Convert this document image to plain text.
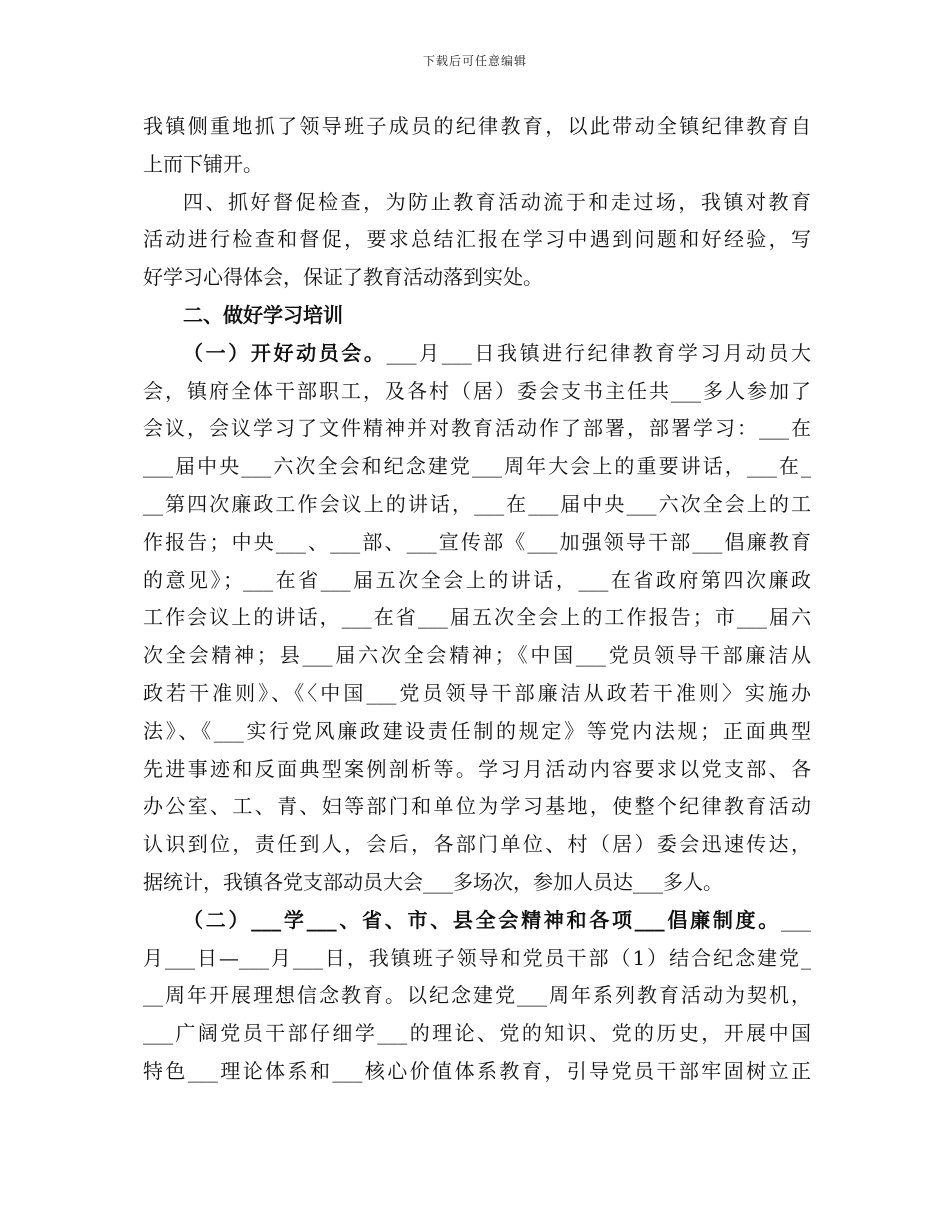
下载后可任意编辑
我镇侧重地抓了领导班子成员的纪律教育，以此带动全镇纪律教育自
上而下铺开。
四、抓好督促检查，为防止教育活动流于和走过场，我镇对教育
活动进行检查和督促，要求总结汇报在学习中遇到问题和好经验，写
好学习心得体会，保证了教育活动落到实处。
二、做好学习培训
（一）开好动员会。___月___日我镇进行纪律教育学习月动员大
会，镇府全体干部职工，及各村（居）委会支书主任共___多人参加了
会议，会议学习了文件精神并对教育活动作了部署，部署学习：___在
___届中央___六次全会和纪念建党___周年大会上的重要讲话，___在_
__第四次廉政工作会议上的讲话，___在___届中央___六次全会上的工
作报告；中央___、___部、___宣传部《___加强领导干部___倡廉教育
的意见》；___在省___届五次全会上的讲话，___在省政府第四次廉政
工作会议上的讲话，___在省___届五次全会上的工作报告；市___届六
次全会精神；县___届六次全会精神；《中国___党员领导干部廉洁从
政若干准则》、《〈中国___党员领导干部廉洁从政若干准则〉实施办
法》、《___实行党风廉政建设责任制的规定》等党内法规；正面典型
先进事迹和反面典型案例剖析等。学习月活动内容要求以党支部、各
办公室、工、青、妇等部门和单位为学习基地，使整个纪律教育活动
认识到位，责任到人，会后，各部门单位、村（居）委会迅速传达，
据统计，我镇各党支部动员大会___多场次，参加人员达___多人。
（二）___学___、省、市、县全会精神和各项___倡廉制度。___
月___日—___月___日，我镇班子领导和党员干部（1）结合纪念建党_
__周年开展理想信念教育。以纪念建党___周年系列教育活动为契机，
___广阔党员干部仔细学___的理论、党的知识、党的历史，开展中国
特色___理论体系和___核心价值体系教育，引导党员干部牢固树立正
